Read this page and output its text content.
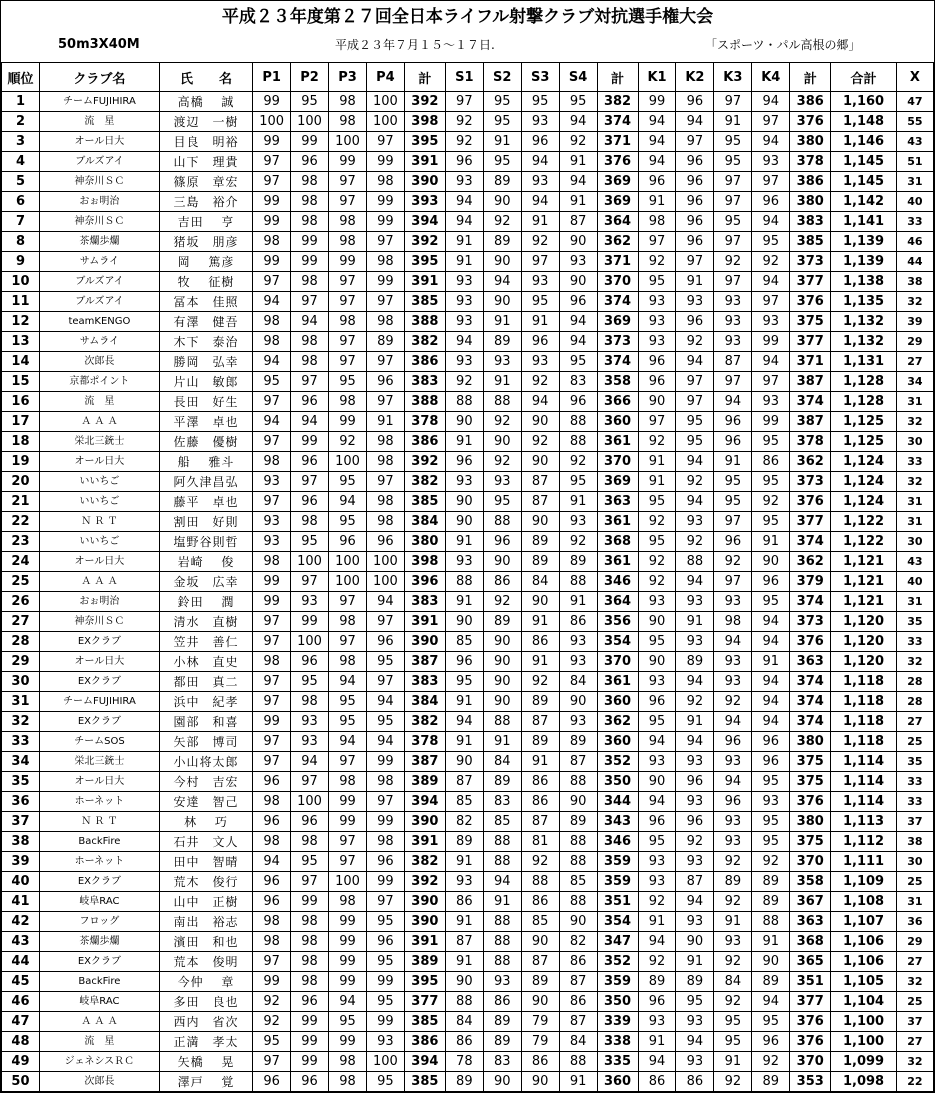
平成２３年度第２７回全日本ライフル射撃クラブ対抗選手権大会
50m3X40M	平成２３年７月１５～１７日.	「スポーツ・パル高根の郷」
順位	クラブ名	氏　　名	P1	P2	P3	P4	計	S1	S2	S3	S4	計	K1	K2	K3	K4	計	合計	X
1	チームFUJIHIRA	高橋　 誠	99	95	98	100	392	97	95	95	95	382	99	96	97	94	386	1,160	47
2	流　星	渡辺　一樹	100	100	98	100	398	92	95	93	94	374	94	94	91	97	376	1,148	55
3	オール日大	目良　明裕	99	99	100	97	395	92	91	96	92	371	94	97	95	94	380	1,146	43
4	ブルズアイ	山下　理貴	97	96	99	99	391	96	95	94	91	376	94	96	95	93	378	1,145	51
5	神奈川ＳＣ	篠原　章宏	97	98	97	98	390	93	89	93	94	369	96	96	97	97	386	1,145	31
6	おぉ明治	三島　裕介	99	98	97	99	393	94	90	94	91	369	91	96	97	96	380	1,142	40
7	神奈川ＳＣ	吉田　 亨	99	98	98	99	394	94	92	91	87	364	98	96	95	94	383	1,141	33
8	茶爛歩爛	猪坂　朋彦	98	99	98	97	392	91	89	92	90	362	97	96	97	95	385	1,139	46
9	サムライ	岡　 篤彦	99	99	99	98	395	91	90	97	93	371	92	97	92	92	373	1,139	44
10	ブルズアイ	牧　 征樹	97	98	97	99	391	93	94	93	90	370	95	91	97	94	377	1,138	38
11	ブルズアイ	冨本　佳照	94	97	97	97	385	93	90	95	96	374	93	93	93	97	376	1,135	32
12	teamKENGO	有澤　健吾	98	94	98	98	388	93	91	91	94	369	93	96	93	93	375	1,132	39
13	サムライ	木下　泰治	98	98	97	89	382	94	89	96	94	373	93	92	93	99	377	1,132	29
14	次郎長	勝岡　弘幸	94	98	97	97	386	93	93	93	95	374	96	94	87	94	371	1,131	27
15	京都ポイント	片山　敏郎	95	97	95	96	383	92	91	92	83	358	96	97	97	97	387	1,128	34
16	流　星	長田　好生	97	96	98	97	388	88	88	94	96	366	90	97	94	93	374	1,128	31
17	Ａ Ａ Ａ	平澤　卓也	94	94	99	91	378	90	92	90	88	360	97	95	96	99	387	1,125	32
18	栄北三銃士	佐藤　優樹	97	99	92	98	386	91	90	92	88	361	92	95	96	95	378	1,125	30
19	オール日大	船　 雅斗	98	96	100	98	392	96	92	90	92	370	91	94	91	86	362	1,124	33
20	いいちご	阿久津昌弘	93	97	95	97	382	93	93	87	95	369	91	92	95	95	373	1,124	32
21	いいちご	藤平　卓也	97	96	94	98	385	90	95	87	91	363	95	94	95	92	376	1,124	31
22	Ｎ Ｒ Ｔ	割田　好則	93	98	95	98	384	90	88	90	93	361	92	93	97	95	377	1,122	31
23	いいちご	塩野谷則哲	93	95	96	96	380	91	96	89	92	368	95	92	96	91	374	1,122	30
24	オール日大	岩崎　 俊	98	100	100	100	398	93	90	89	89	361	92	88	92	90	362	1,121	43
25	Ａ Ａ Ａ	金坂　広幸	99	97	100	100	396	88	86	84	88	346	92	94	97	96	379	1,121	40
26	おぉ明治	鈴田　 潤	99	93	97	94	383	91	92	90	91	364	93	93	93	95	374	1,121	31
27	神奈川ＳＣ	清水　直樹	97	99	98	97	391	90	89	91	86	356	90	91	98	94	373	1,120	35
28	EXクラブ	笠井　善仁	97	100	97	96	390	85	90	86	93	354	95	93	94	94	376	1,120	33
29	オール日大	小林　直史	98	96	98	95	387	96	90	91	93	370	90	89	93	91	363	1,120	32
30	EXクラブ	都田　真二	97	95	94	97	383	95	90	92	84	361	93	94	93	94	374	1,118	28
31	チームFUJIHIRA	浜中　紀孝	97	98	95	94	384	91	90	89	90	360	96	92	92	94	374	1,118	28
32	EXクラブ	園部　和喜	99	93	95	95	382	94	88	87	93	362	95	91	94	94	374	1,118	27
33	チームSOS	矢部　博司	97	93	94	94	378	91	91	89	89	360	94	94	96	96	380	1,118	25
34	栄北三銃士	小山将太郎	97	94	97	99	387	90	84	91	87	352	93	93	93	96	375	1,114	35
35	オール日大	今村　吉宏	96	97	98	98	389	87	89	86	88	350	90	96	94	95	375	1,114	33
36	ホーネット	安達　智己	98	100	99	97	394	85	83	86	90	344	94	93	96	93	376	1,114	33
37	Ｎ Ｒ Ｔ	林　 巧	96	96	99	99	390	82	85	87	89	343	96	96	93	95	380	1,113	37
38	BackFire	石井　文人	98	98	97	98	391	89	88	81	88	346	95	92	93	95	375	1,112	38
39	ホーネット	田中　智晴	94	95	97	96	382	91	88	92	88	359	93	93	92	92	370	1,111	30
40	EXクラブ	荒木　俊行	96	97	100	99	392	93	94	88	85	359	93	87	89	89	358	1,109	25
41	岐阜RAC	山中　正樹	96	99	98	97	390	86	91	86	88	351	92	94	92	89	367	1,108	31
42	フロッグ	南出　裕志	98	98	99	95	390	91	88	85	90	354	91	93	91	88	363	1,107	36
43	茶爛歩爛	濱田　和也	98	98	99	96	391	87	88	90	82	347	94	90	93	91	368	1,106	29
44	EXクラブ	荒本　俊明	97	98	99	95	389	91	88	87	86	352	92	91	92	90	365	1,106	27
45	BackFire	今仲　 章	99	98	99	99	395	90	93	89	87	359	89	89	84	89	351	1,105	32
46	岐阜RAC	多田　良也	92	96	94	95	377	88	86	90	86	350	96	95	92	94	377	1,104	25
47	Ａ Ａ Ａ	西内　省次	92	99	95	99	385	84	89	79	87	339	93	93	95	95	376	1,100	37
48	流　星	正満　孝太	95	99	99	93	386	86	89	79	84	338	91	94	95	96	376	1,100	27
49	ジェネシスＲＣ	矢橋　 晃	97	99	98	100	394	78	83	86	88	335	94	93	91	92	370	1,099	32
50	次郎長	澤戸　 覚	96	96	98	95	385	89	90	90	91	360	86	86	92	89	353	1,098	22
